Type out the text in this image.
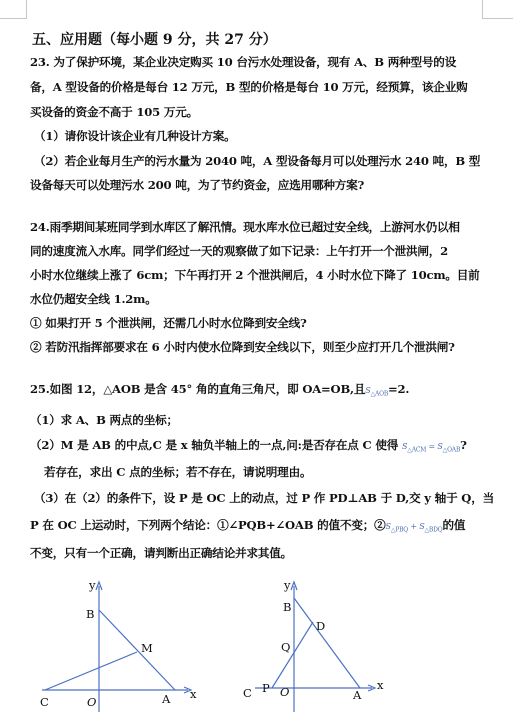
五、应用题（每小题 9 分，共 27 分）
23. 为了保护环境，某企业决定购买 10 台污水处理设备，现有 A、B 两种型号的设
备，A 型设备的价格是每台 12 万元，B 型的价格是每台 10 万元，经预算，该企业购
买设备的资金不高于 105 万元。
（1）请你设计该企业有几种设计方案。
（2）若企业每月生产的污水量为 2040 吨，A 型设备每月可以处理污水 240 吨，B 型
设备每天可以处理污水 200 吨，为了节约资金，应选用哪种方案?
24.雨季期间某班同学到水库区了解汛情。现水库水位已超过安全线，上游河水仍以相
同的速度流入水库。同学们经过一天的观察做了如下记录：上午打开一个泄洪闸，2
小时水位继续上涨了 6cm；下午再打开 2 个泄洪闸后，4 小时水位下降了 10cm。目前
水位仍超安全线 1.2m。
① 如果打开 5 个泄洪闸，还需几小时水位降到安全线?
② 若防汛指挥部要求在 6 小时内使水位降到安全线以下，则至少应打开几个泄洪闸?
25.如图 12，△AOB 是含 45° 角的直角三角尺，即 OA=OB,且$S_{\triangle AOB}=2$.
（1）求 A、B 两点的坐标；
（2）M 是 AB 的中点,C 是 x 轴负半轴上的一点,问:是否存在点 C 使得 $S_{\triangle ACM} = S_{\triangle OAB}$?
若存在，求出 C 点的坐标；若不存在，请说明理由。
（3）在（2）的条件下，设 P 是 OC 上的动点，过 P 作 PD⊥AB 于 D,交 y 轴于 Q，当
P 在 OC 上运动时，下列两个结论：①∠PQB+∠OAB 的值不变；$②S_{\triangle PBQ} + S_{\triangle BDQ}$的值
不变，只有一个正确，请判断出正确结论并求其值。
y
B
M
x
C	O	A
y
B
D
Q
x
C P O	A
